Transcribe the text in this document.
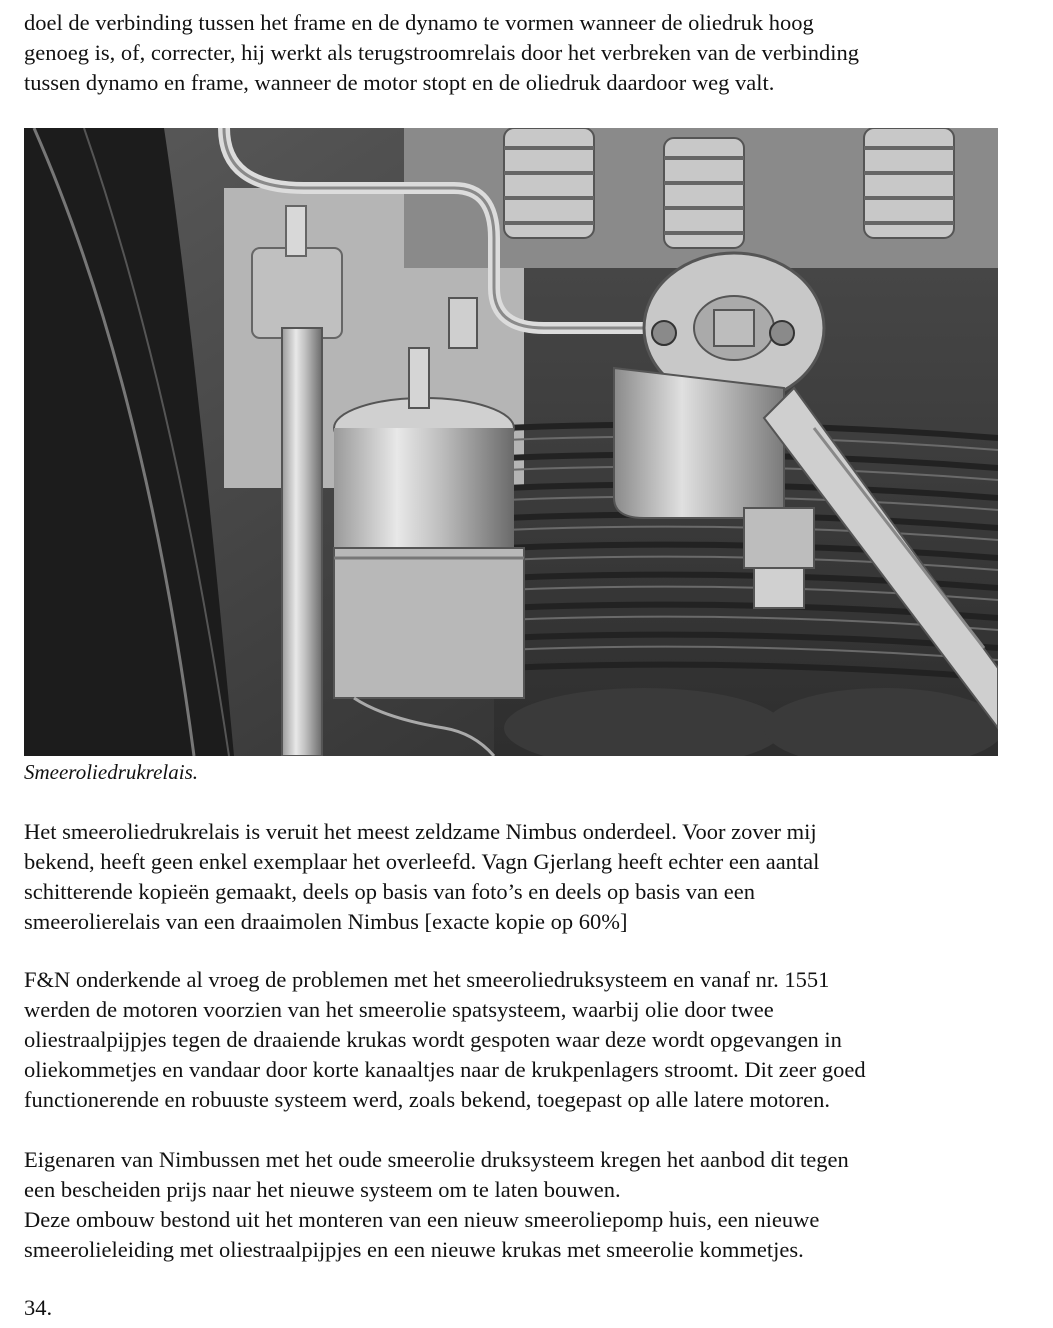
doel de verbinding tussen het frame en de dynamo te vormen wanneer de oliedruk hoog
genoeg is, of, correcter, hij werkt als terugstroomrelais door het verbreken van de verbinding
tussen dynamo en frame, wanneer de motor stopt en de oliedruk daardoor weg valt.

Smeeroliedrukrelais.

Het smeeroliedrukrelais is veruit het meest zeldzame Nimbus onderdeel. Voor zover mij
bekend, heeft geen enkel exemplaar het overleefd. Vagn Gjerlang heeft echter een aantal
schitterende kopieën gemaakt, deels op basis van foto’s en deels op basis van een
smeerolierelais van een draaimolen Nimbus [exacte kopie op 60%]

F&N onderkende al vroeg de problemen met het smeeroliedruksysteem en vanaf nr. 1551
werden de motoren voorzien van het smeerolie spatsysteem, waarbij olie door twee
oliestraalpijpjes tegen de draaiende krukas wordt gespoten waar deze wordt opgevangen in
oliekommetjes en vandaar door korte kanaaltjes naar de krukpenlagers stroomt. Dit zeer goed
functionerende en robuuste systeem werd, zoals bekend, toegepast op alle latere motoren.

Eigenaren van Nimbussen met het oude smeerolie druksysteem kregen het aanbod dit tegen
een bescheiden prijs naar het nieuwe systeem om te laten bouwen.
Deze ombouw bestond uit het monteren van een nieuw smeeroliepomp huis, een nieuwe
smeerolieleiding met oliestraalpijpjes en een nieuwe krukas met smeerolie kommetjes.

34.
